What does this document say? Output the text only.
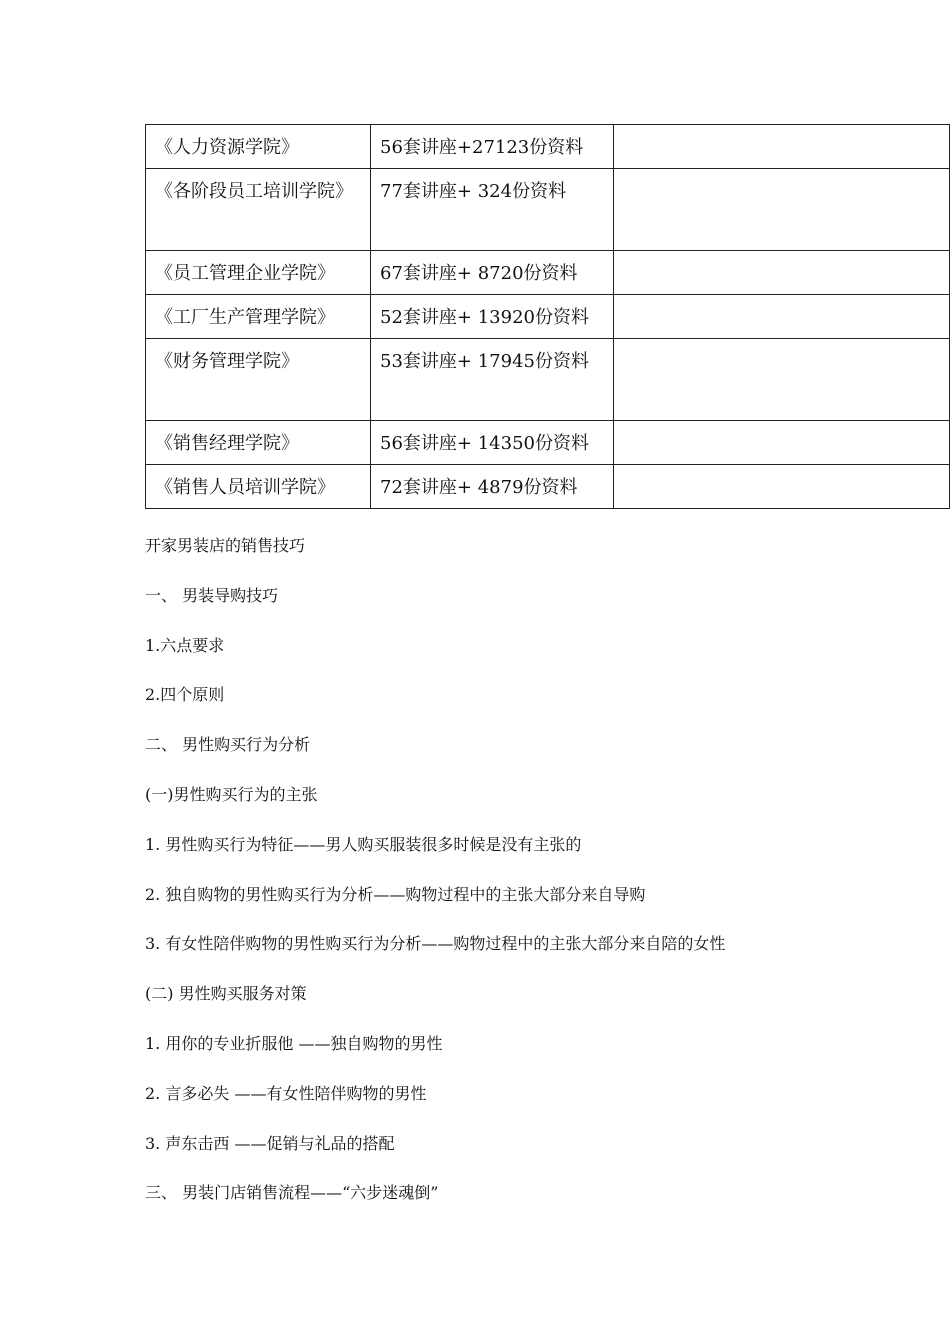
《人力资源学院》	56套讲座+27123份资料	
《各阶段员工培训学院》	77套讲座+ 324份资料	
《员工管理企业学院》	67套讲座+ 8720份资料	
《工厂生产管理学院》	52套讲座+ 13920份资料	
《财务管理学院》	53套讲座+ 17945份资料	
《销售经理学院》	56套讲座+ 14350份资料	
《销售人员培训学院》	72套讲座+ 4879份资料	

开家男装店的销售技巧

一、 男装导购技巧

1.六点要求

2.四个原则

二、 男性购买行为分析

(一)男性购买行为的主张

1. 男性购买行为特征——男人购买服装很多时候是没有主张的

2. 独自购物的男性购买行为分析——购物过程中的主张大部分来自导购

3. 有女性陪伴购物的男性购买行为分析——购物过程中的主张大部分来自陪的女性

(二) 男性购买服务对策

1. 用你的专业折服他 ——独自购物的男性

2. 言多必失 ——有女性陪伴购物的男性

3. 声东击西 ——促销与礼品的搭配

三、 男装门店销售流程——“六步迷魂倒”
